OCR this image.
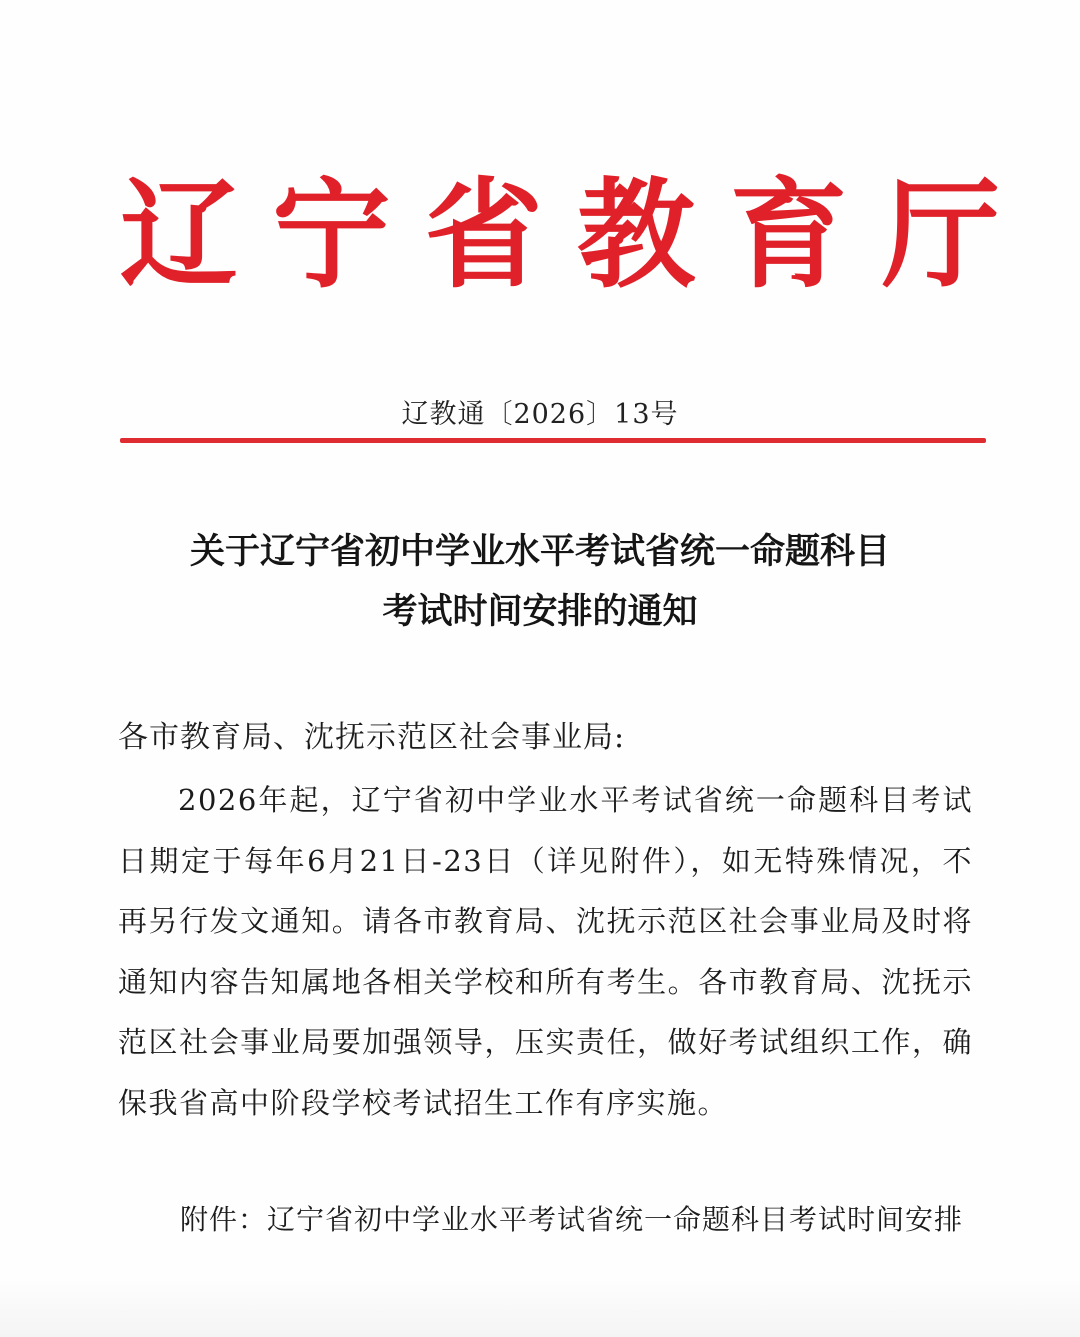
辽 宁 省 教 育 厅
辽教通〔2026〕13号
关于辽宁省初中学业水平考试省统一命题科目
考试时间安排的通知
各市教育局、沈抚示范区社会事业局:

2026年起，辽宁省初中学业水平考试省统一命题科目考试日期定于每年6月21日-23日（详见附件），如无特殊情况，不再另行发文通知。请各市教育局、沈抚示范区社会事业局及时将通知内容告知属地各相关学校和所有考生。各市教育局、沈抚示范区社会事业局要加强领导，压实责任，做好考试组织工作，确保我省高中阶段学校考试招生工作有序实施。

附件：辽宁省初中学业水平考试省统一命题科目考试时间安排
